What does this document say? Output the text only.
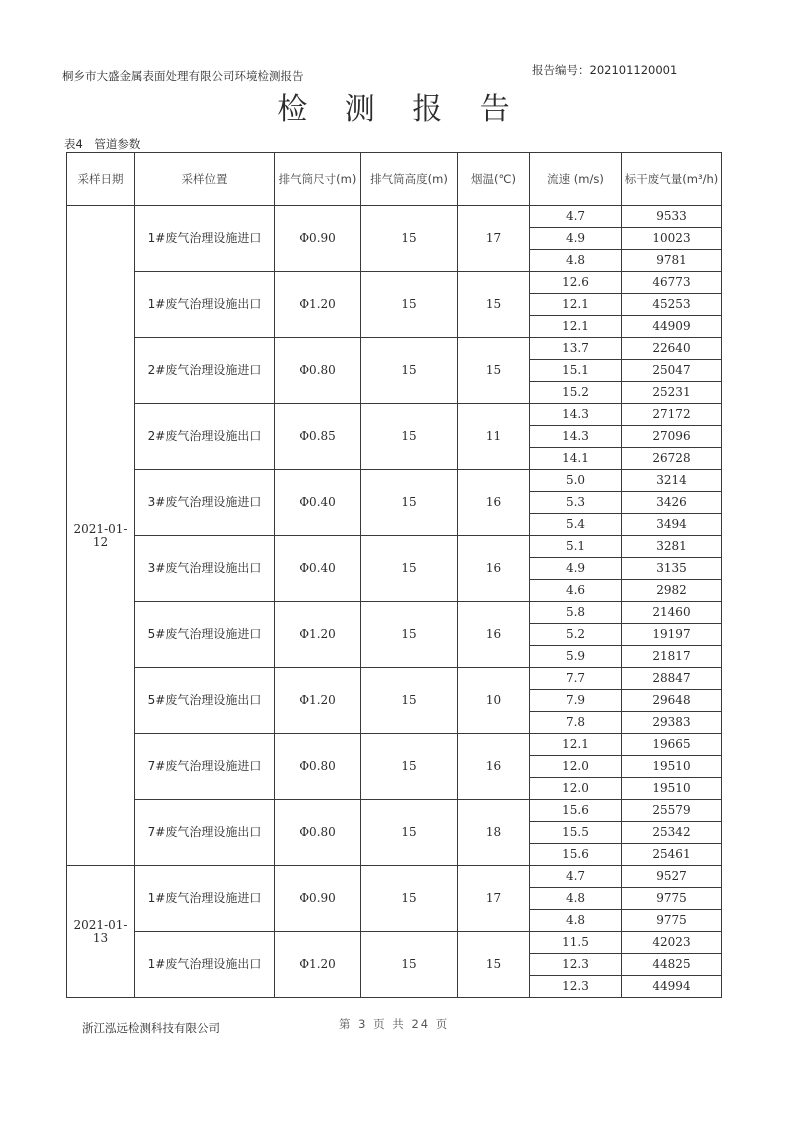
桐乡市大盛金属表面处理有限公司环境检测报告	报告编号：202101120001
检 测 报 告
表4　管道参数
采样日期	采样位置	排气筒尺寸(m)	排气筒高度(m)	烟温(℃)	流速 (m/s)	标干废气量(m³/h)
2021-01-12	1#废气治理设施进口	Φ0.90	15	17	4.7	9533
					4.9	10023
					4.8	9781
	1#废气治理设施出口	Φ1.20	15	15	12.6	46773
					12.1	45253
					12.1	44909
	2#废气治理设施进口	Φ0.80	15	15	13.7	22640
					15.1	25047
					15.2	25231
	2#废气治理设施出口	Φ0.85	15	11	14.3	27172
					14.3	27096
					14.1	26728
	3#废气治理设施进口	Φ0.40	15	16	5.0	3214
					5.3	3426
					5.4	3494
	3#废气治理设施出口	Φ0.40	15	16	5.1	3281
					4.9	3135
					4.6	2982
	5#废气治理设施进口	Φ1.20	15	16	5.8	21460
					5.2	19197
					5.9	21817
	5#废气治理设施出口	Φ1.20	15	10	7.7	28847
					7.9	29648
					7.8	29383
	7#废气治理设施进口	Φ0.80	15	16	12.1	19665
					12.0	19510
					12.0	19510
	7#废气治理设施出口	Φ0.80	15	18	15.6	25579
					15.5	25342
					15.6	25461
2021-01-13	1#废气治理设施进口	Φ0.90	15	17	4.7	9527
					4.8	9775
					4.8	9775
	1#废气治理设施出口	Φ1.20	15	15	11.5	42023
					12.3	44825
					12.3	44994
浙江泓远检测科技有限公司	第 3 页 共 24 页
